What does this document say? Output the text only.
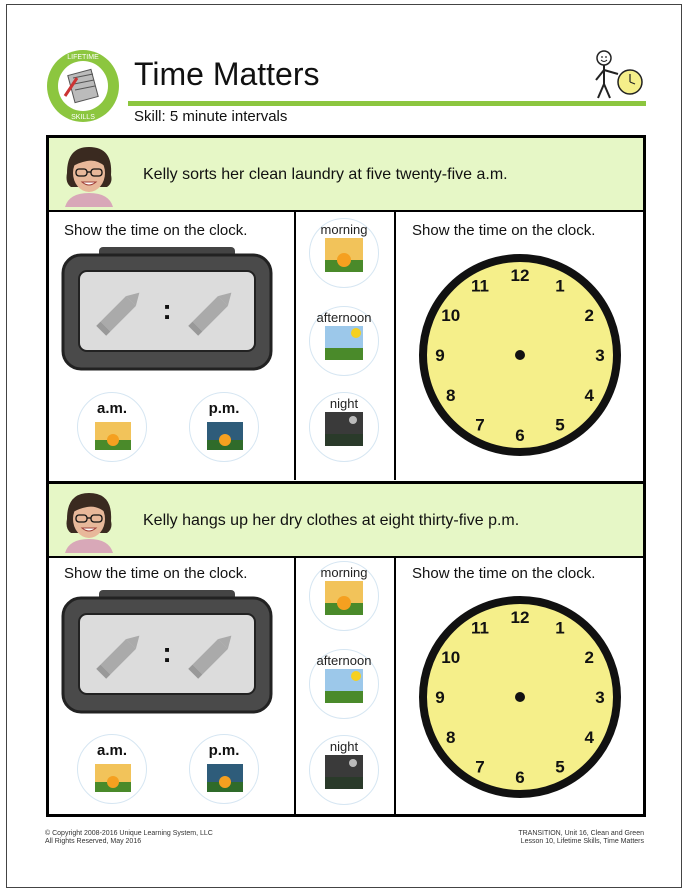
LIFETIME
SKILLS
Time Matters
Skill: 5 minute intervals
Kelly sorts her clean laundry at five twenty-five a.m.
Show the time on the clock.	Show the time on the clock.
:
a.m.	p.m.
morning
afternoon
night
12
1
2
3
4
5
6
7
8
9
10
11
Kelly hangs up her dry clothes at eight thirty-five p.m.
Show the time on the clock.	Show the time on the clock.
:
a.m.	p.m.
morning
afternoon
night
12
1
2
3
4
5
6
7
8
9
10
11
© Copyright 2008-2016 Unique Learning System, LLC
All Rights Reserved, May 2016
TRANSITION, Unit 16, Clean and Green
Lesson 10, Lifetime Skills, Time Matters
